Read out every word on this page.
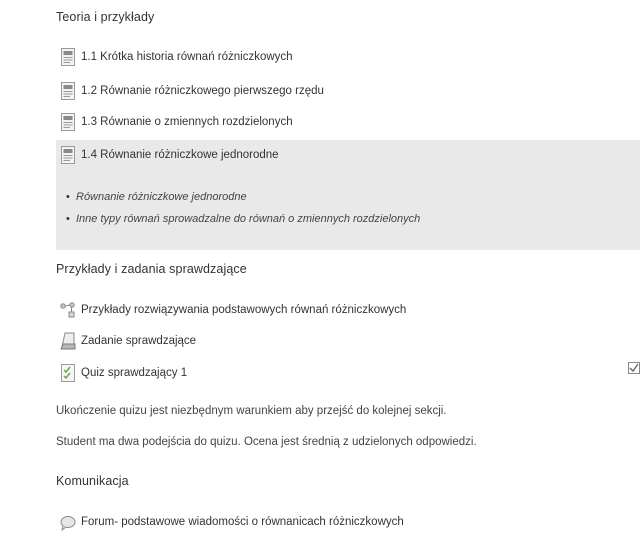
Teoria i przykłady
1.1 Krótka historia równań różniczkowych
1.2 Równanie różniczkowego pierwszego rzędu
1.3 Równanie o zmiennych rozdzielonych
1.4 Równanie różniczkowe jednorodne
• Równanie różniczkowe jednorodne
• Inne typy równań sprowadzalne do równań o zmiennych rozdzielonych
Przykłady i zadania sprawdzające
Przykłady rozwiązywania podstawowych równań różniczkowych
Zadanie sprawdzające
Quiz sprawdzający 1
Ukończenie quizu jest niezbędnym warunkiem aby przejść do kolejnej sekcji.
Student ma dwa podejścia do quizu. Ocena jest średnią z udzielonych odpowiedzi.
Komunikacja
Forum- podstawowe wiadomości o równanicach różniczkowych
